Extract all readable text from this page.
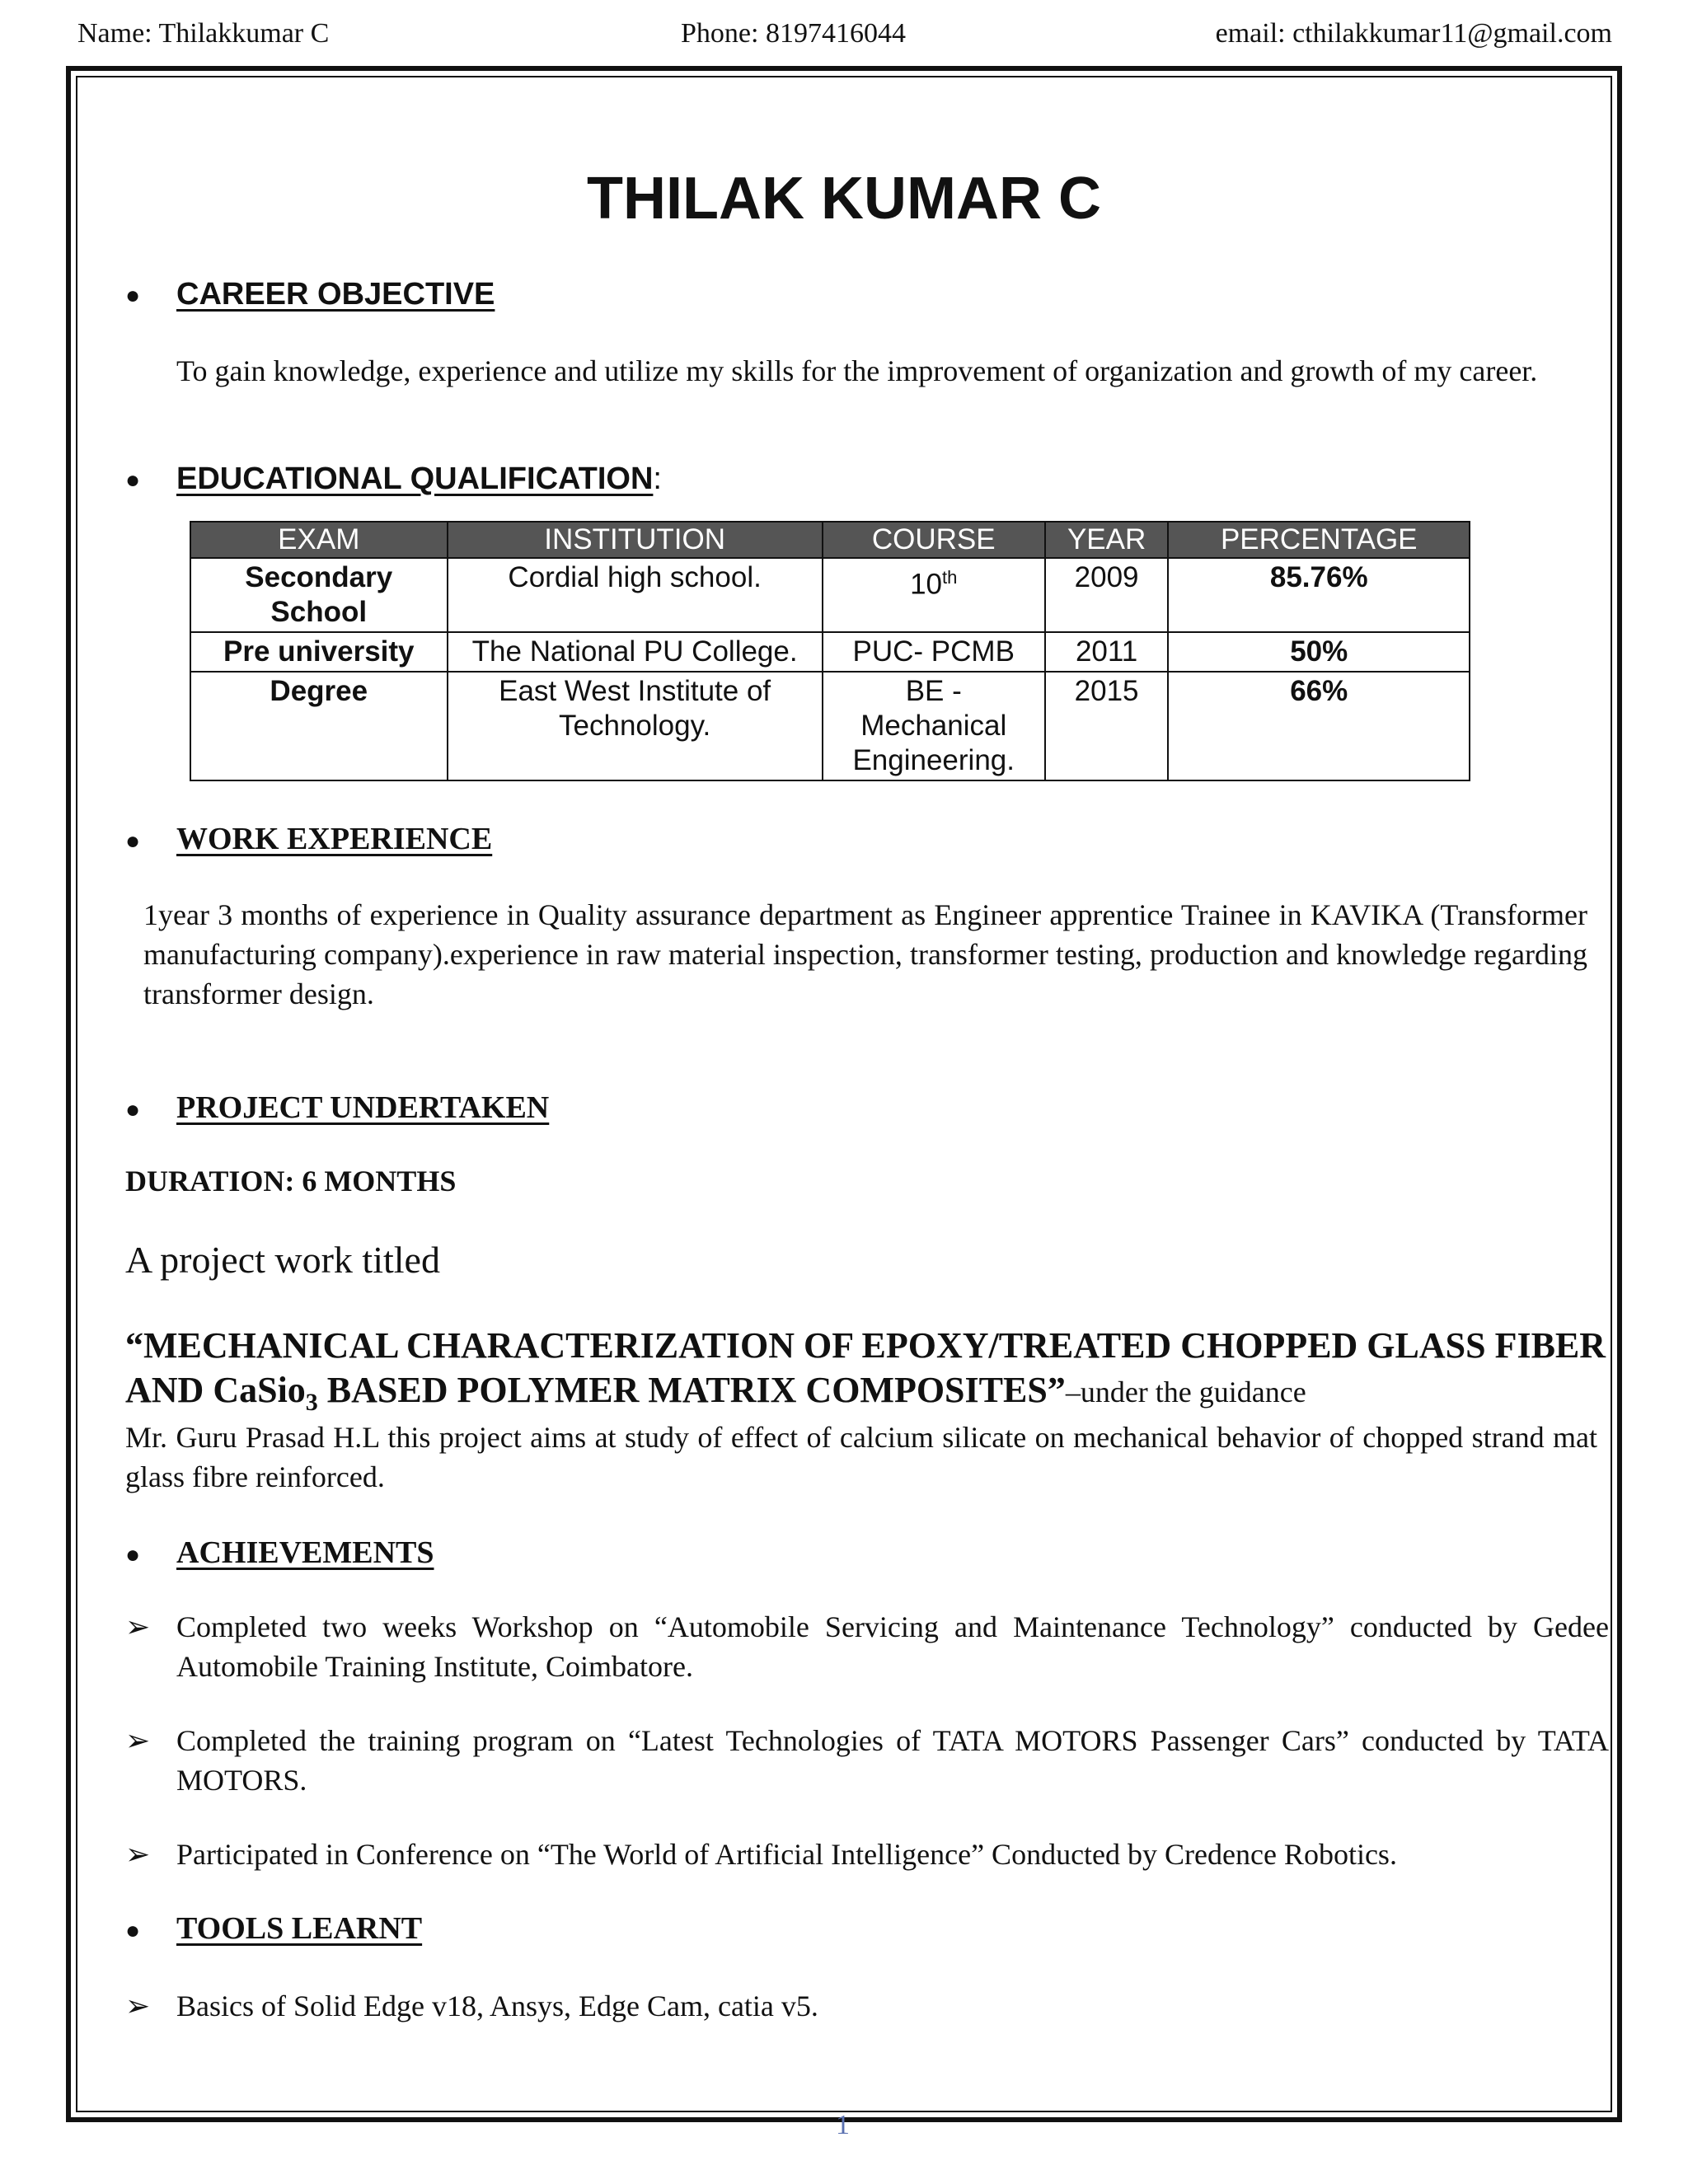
Name: Thilakkumar C	Phone: 8197416044	email: cthilakkumar11@gmail.com
THILAK KUMAR C
● CAREER OBJECTIVE
To gain knowledge, experience and utilize my skills for the improvement of organization and growth of my career.
● EDUCATIONAL QUALIFICATION:
EXAM	INSTITUTION	COURSE	YEAR	PERCENTAGE
Secondary School	Cordial high school.	10th	2009	85.76%
Pre university	The National PU College.	PUC- PCMB	2011	50%
Degree	East West Institute of Technology.	BE - Mechanical Engineering.	2015	66%
● WORK EXPERIENCE
1year 3 months of experience in Quality assurance department as Engineer apprentice Trainee in KAVIKA (Transformer manufacturing company).experience in raw material inspection, transformer testing, production and knowledge regarding transformer design.
● PROJECT UNDERTAKEN
DURATION: 6 MONTHS
A project work titled
“MECHANICAL CHARACTERIZATION OF EPOXY/TREATED CHOPPED GLASS FIBER AND CaSio$_3$ BASED POLYMER MATRIX COMPOSITES”–under the guidance
Mr. Guru Prasad H.L this project aims at study of effect of calcium silicate on mechanical behavior of chopped strand mat glass fibre reinforced.
● ACHIEVEMENTS
➢ Completed two weeks Workshop on “Automobile Servicing and Maintenance Technology” conducted by Gedee Automobile Training Institute, Coimbatore.
➢ Completed the training program on “Latest Technologies of TATA MOTORS Passenger Cars” conducted by TATA MOTORS.
➢ Participated in Conference on “The World of Artificial Intelligence” Conducted by Credence Robotics.
● TOOLS LEARNT
➢ Basics of Solid Edge v18, Ansys, Edge Cam, catia v5.
1
